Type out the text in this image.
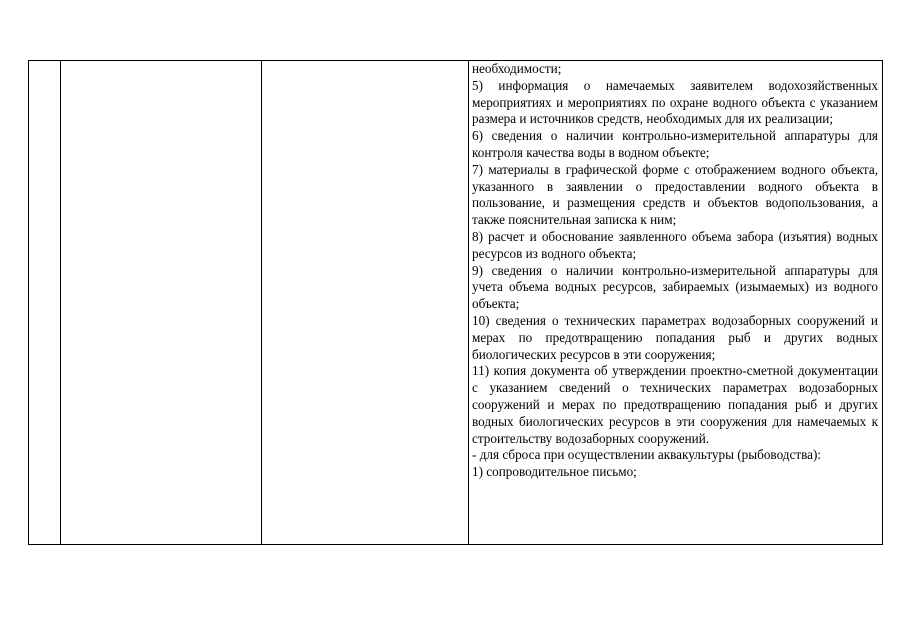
необходимости;

5) информация о намечаемых заявителем водохозяйственных мероприятиях и мероприятиях по охране водного объекта с указанием размера и источников средств, необходимых для их реализации;

6) сведения о наличии контрольно-измерительной аппаратуры для контроля качества воды в водном объекте;

7) материалы в графической форме с отображением водного объекта, указанного в заявлении о предоставлении водного объекта в пользование, и размещения средств и объектов водопользования, а также пояснительная записка к ним;

8) расчет и обоснование заявленного объема забора (изъятия) водных ресурсов из водного объекта;

9) сведения о наличии контрольно-измерительной аппаратуры для учета объема водных ресурсов, забираемых (изымаемых) из водного объекта;

10) сведения о технических параметрах водозаборных сооружений и мерах по предотвращению попадания рыб и других водных биологических ресурсов в эти сооружения;

11) копия документа об утверждении проектно-сметной документации с указанием сведений о технических параметрах водозаборных сооружений и мерах по предотвращению попадания рыб и других водных биологических ресурсов в эти сооружения для намечаемых к строительству водозаборных сооружений.

- для сброса при осуществлении аквакультуры (рыбоводства):

1) сопроводительное письмо;
